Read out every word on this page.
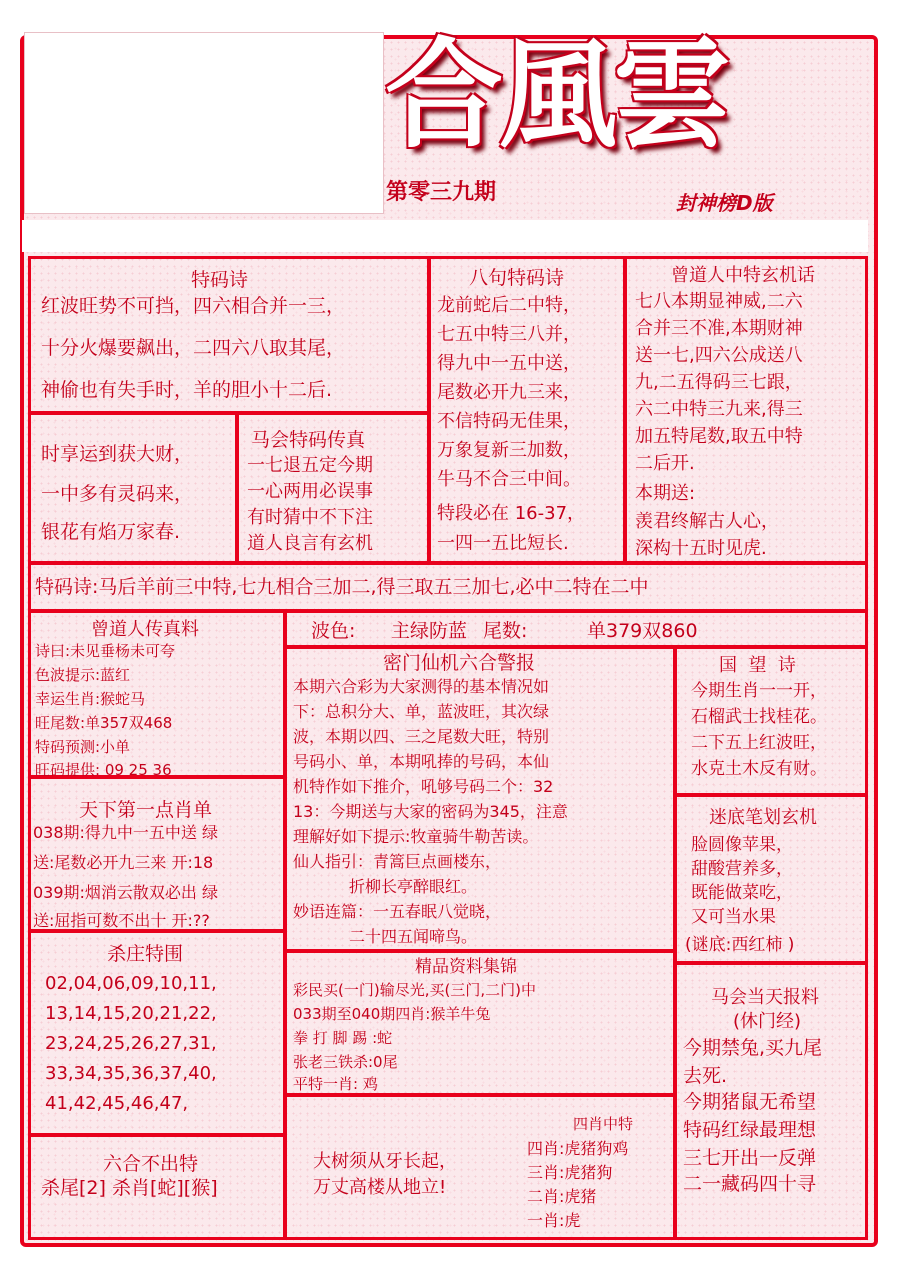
合風雲
第零三九期	封神榜D版
特码诗
红波旺势不可挡，四六相合并一三，
十分火爆要飙出，二四六八取其尾，
神偷也有失手时，羊的胆小十二后.
八句特码诗
龙前蛇后二中特，
七五中特三八并，
得九中一五中送，
尾数必开九三来，
不信特码无佳果，
万象复新三加数，
牛马不合三中间。
特段必在 16-37，
一四一五比短长.
曾道人中特玄机话
七八本期显神威,二六
合并三不准,本期财神
送一七,四六公成送八
九,二五得码三七跟，
六二中特三九来,得三
加五特尾数,取五中特
二后开.
本期送:
羡君终解古人心，
深构十五时见虎.
时享运到获大财，
一中多有灵码来，
银花有焰万家春.
马会特码传真
一七退五定今期
一心两用必误事
有时猜中不下注
道人良言有玄机
特码诗:马后羊前三中特,七九相合三加二,得三取五三加七,必中二特在二中
曾道人传真料
诗曰:未见垂杨未可夸
色波提示:蓝红
幸运生肖:猴蛇马
旺尾数:单357双468
特码预测:小单
旺码提供: 09 25 36
波色: 主绿防蓝 尾数:	单379双860
密门仙机六合警报
本期六合彩为大家测得的基本情况如
下：总积分大、单，蓝波旺，其次绿
波，本期以四、三之尾数大旺，特别
号码小、单，本期吼捧的号码，本仙
机特作如下推介，吼够号码二个：32
13：今期送与大家的密码为345，注意
理解好如下提示:牧童骑牛勒苦读。
仙人指引：青篙巨点画楼东，
折柳长亭醉眼红。
妙语连篇：一五春眠八觉晓，
二十四五闻啼鸟。
国  望  诗
今期生肖一一开，
石榴武士找桂花。
二下五上红波旺，
水克土木反有财。
天下第一点肖单
038期:得九中一五中送 绿
送:尾数必开九三来 开:18
039期:烟消云散双必出 绿
送:屈指可数不出十 开:??
迷底笔划玄机
脸圆像苹果，
甜酸营养多，
既能做菜吃，
又可当水果
(谜底:西红柿 )
杀庄特围
02,04,06,09,10,11,
13,14,15,20,21,22,
23,24,25,26,27,31,
33,34,35,36,37,40,
41,42,45,46,47,
精品资料集锦
彩民买(一门)输尽光,买(三门,二门)中
033期至040期四肖:猴羊牛兔
拳 打 脚 踢 :蛇
张老三铁杀:0尾
平特一肖: 鸡
马会当天报料
(休门经)
今期禁兔,买九尾
去死.
今期猪鼠无希望
特码红绿最理想
三七开出一反弹
二一藏码四十寻
六合不出特
杀尾[2] 杀肖[蛇][猴]
大树须从牙长起，
万丈高楼从地立!
四肖中特
四肖:虎猪狗鸡
三肖:虎猪狗
二肖:虎猪
一肖:虎
